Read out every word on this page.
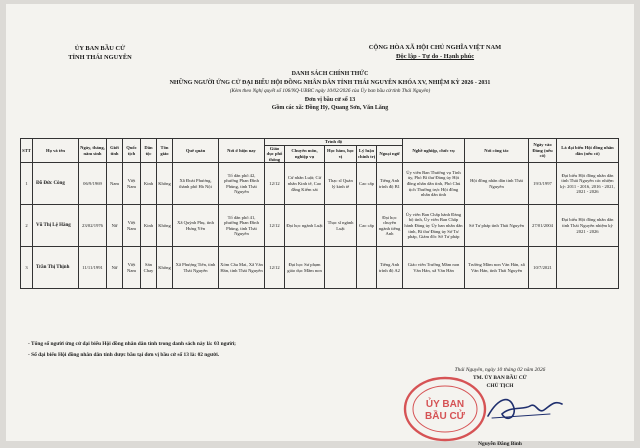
ỦY BAN BẦU CỬ
TỈNH THÁI NGUYÊN
CỘNG HÒA XÃ HỘI CHỦ NGHĨA VIỆT NAM
Độc lập - Tự do - Hạnh phúc
DANH SÁCH CHÍNH THỨC
NHỮNG NGƯỜI ỨNG CỬ ĐẠI BIỂU HỘI ĐỒNG NHÂN DÂN TỈNH THÁI NGUYÊN KHÓA XV, NHIỆM KỲ 2026 - 2031
(Kèm theo Nghị quyết số 106/NQ-UBBC ngày 10/02/2026 của Ủy ban bầu cử tỉnh Thái Nguyên)
Đơn vị bầu cử số 13
Gồm các xã: Đồng Hỷ, Quang Sơn, Văn Lăng
STT	Họ và tên	Ngày, tháng, năm sinh	Giới tính	Quốc tịch	Dân tộc	Tôn giáo	Quê quán	Nơi ở hiện nay	Trình độ					Nghề nghiệp, chức vụ	Nơi công tác	Ngày vào Đảng (nếu có)	Là đại biểu Hội đồng nhân dân (nếu có)
									Giáo dục phổ thông	Chuyên môn, nghiệp vụ	Học hàm, học vị	Lý luận chính trị	Ngoại ngữ				
1	Đỗ Đức Công	06/9/1969	Nam	Việt Nam	Kinh	Không	Xã Đoài Phương, thành phố Hà Nội	Tổ dân phố 42, phường Phan Đình Phùng, tỉnh Thái Nguyên	12/12	Cử nhân Luật; Cử nhân Kinh tế, Cao đẳng Kiểm sát	Thạc sĩ Quản lý kinh tế	Cao cấp	Tiếng Anh trình độ B1	Ủy viên Ban Thường vụ Tỉnh ủy, Phó Bí thư Đảng ủy Hội đồng nhân dân tỉnh, Phó Chủ tịch Thường trực Hội đồng nhân dân tỉnh	Hội đồng nhân dân tỉnh Thái Nguyên	19/3/1997	Đại biểu Hội đồng nhân dân tỉnh Thái Nguyên các nhiệm kỳ: 2011 - 2016, 2016 - 2021, 2021 - 2026
2	Vũ Thị Lệ Hằng	23/02/1976	Nữ	Việt Nam	Kinh	Không	Xã Quỳnh Phụ, tỉnh Hưng Yên	Tổ dân phố 41, phường Phan Đình Phùng, tỉnh Thái Nguyên	12/12	Đại học ngành Luật	Thạc sĩ ngành Luật	Cao cấp	Đại học chuyên ngành tiếng Anh	Ủy viên Ban Chấp hành Đảng bộ tỉnh, Ủy viên Ban Chấp hành Đảng ủy Ủy ban nhân dân tỉnh, Bí thư Đảng ủy Sở Tư pháp, Giám đốc Sở Tư pháp	Sở Tư pháp tỉnh Thái Nguyên	27/01/2004	Đại biểu Hội đồng nhân dân tỉnh Thái Nguyên nhiệm kỳ 2021 - 2026
3	Trần Thị Thịnh	11/11/1991	Nữ	Việt Nam	Sán Chay	Không	Xã Phượng Tiến, tỉnh Thái Nguyên	Xóm Cầu Mai, Xã Văn Hán, tỉnh Thái Nguyên	12/12	Đại học Sư phạm giáo dục Mầm non			Tiếng Anh trình độ A2	Giáo viên Trường Mầm non Văn Hán, xã Văn Hán	Trường Mầm non Văn Hán, xã Văn Hán, tỉnh Thái Nguyên	10/7/2021	
- Tổng số người ứng cử đại biểu Hội đồng nhân dân tỉnh trong danh sách này là: 03 người;
- Số đại biểu Hội đồng nhân dân tỉnh được bầu tại đơn vị bầu cử số 13 là: 02 người.
ỦY BAN
BẦU CỬ
Thái Nguyên, ngày 10 tháng 02 năm 2026
TM. ỦY BAN BẦU CỬ
CHỦ TỊCH
Nguyễn Đăng Bình
